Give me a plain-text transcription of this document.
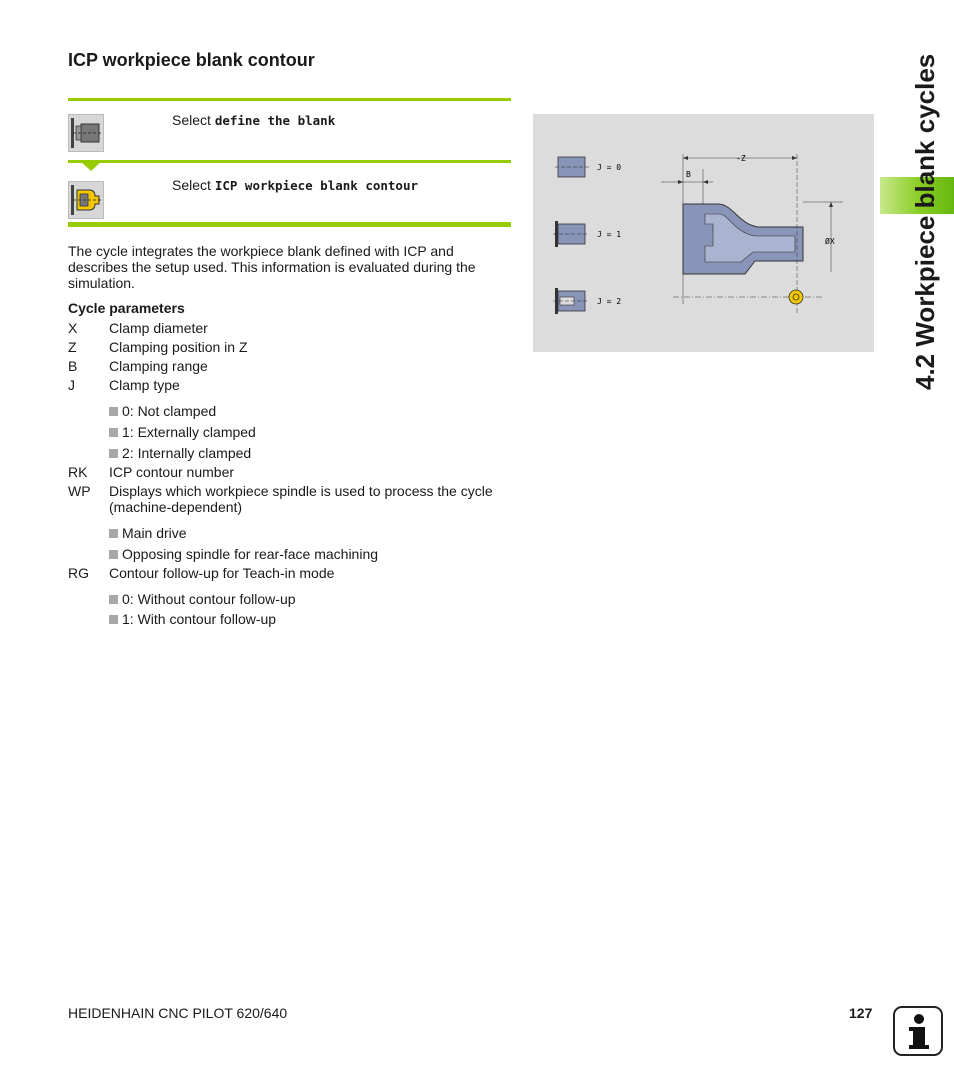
ICP workpiece blank contour
Select define the blank
Select ICP workpiece blank contour

The cycle integrates the workpiece blank defined with ICP and describes the setup used. This information is evaluated during the simulation.

Cycle parameters
X Clamp diameter
Z Clamping position in Z
B Clamping range
J Clamp type
0: Not clamped
1: Externally clamped
2: Internally clamped
RK ICP contour number
WP Displays which workpiece spindle is used to process the cycle (machine-dependent)
Main drive
Opposing spindle for rear-face machining
RG Contour follow-up for Teach-in mode
0: Without contour follow-up
1: With contour follow-up
J = 0
J = 1
J = 2
-Z
B
ØX	4.2 Workpiece blank cycles
HEIDENHAIN CNC PILOT 620/640	127
